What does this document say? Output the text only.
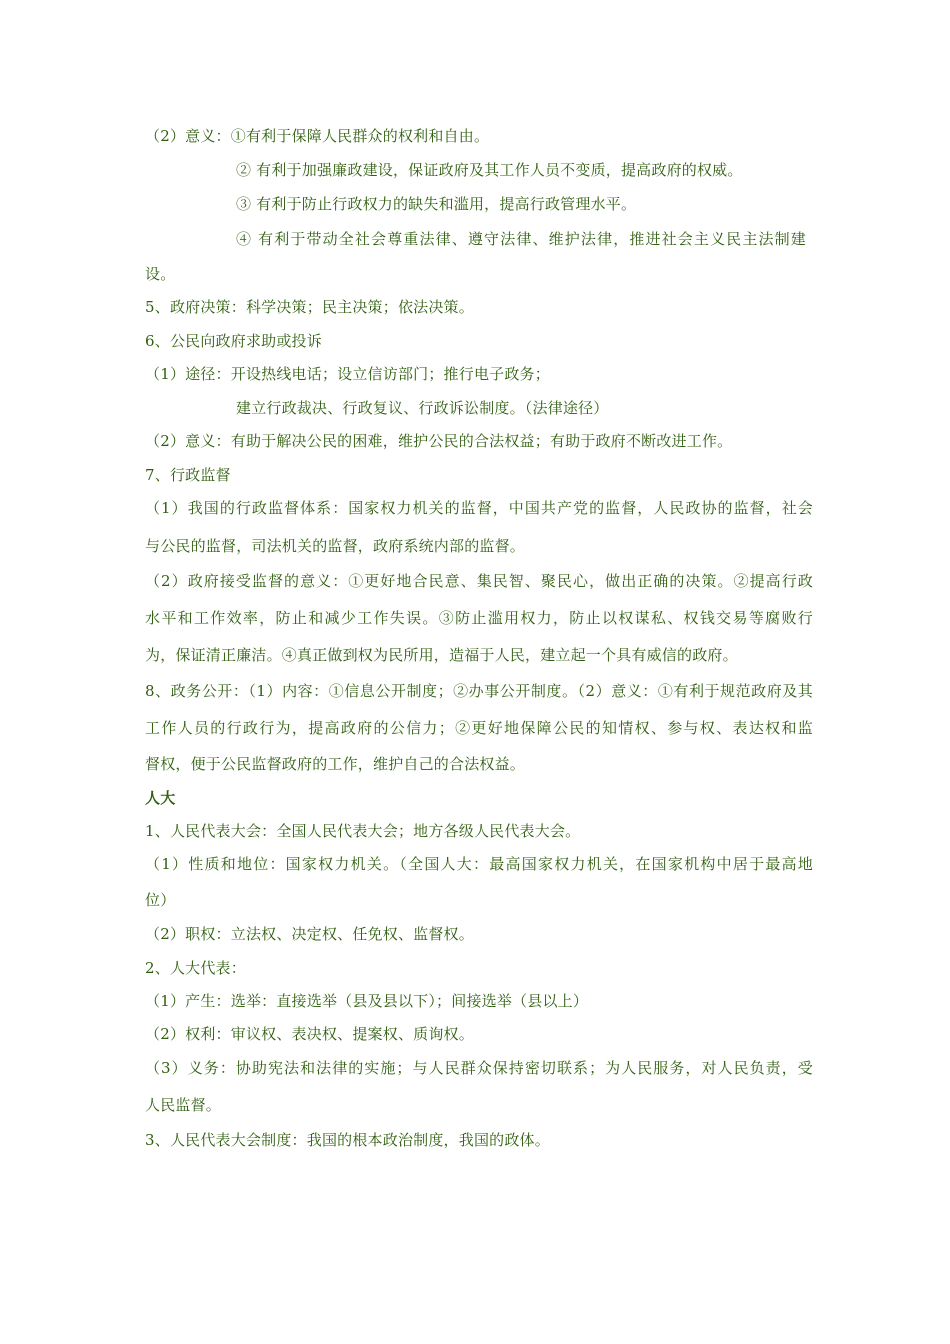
（2）意义：①有利于保障人民群众的权利和自由。
② 有利于加强廉政建设，保证政府及其工作人员不变质，提高政府的权威。
③ 有利于防止行政权力的缺失和滥用，提高行政管理水平。
④ 有利于带动全社会尊重法律、遵守法律、维护法律，推进社会主义民主法制建
设。
5、政府决策：科学决策；民主决策；依法决策。
6、公民向政府求助或投诉
（1）途径：开设热线电话；设立信访部门；推行电子政务；
建立行政裁决、行政复议、行政诉讼制度。（法律途径）
（2）意义：有助于解决公民的困难，维护公民的合法权益；有助于政府不断改进工作。
7、行政监督
（1）我国的行政监督体系：国家权力机关的监督，中国共产党的监督，人民政协的监督，社会
与公民的监督，司法机关的监督，政府系统内部的监督。
（2）政府接受监督的意义：①更好地合民意、集民智、聚民心，做出正确的决策。②提高行政
水平和工作效率，防止和减少工作失误。③防止滥用权力，防止以权谋私、权钱交易等腐败行
为，保证清正廉洁。④真正做到权为民所用，造福于人民，建立起一个具有威信的政府。
8、政务公开：（1）内容：①信息公开制度；②办事公开制度。（2）意义：①有利于规范政府及其
工作人员的行政行为，提高政府的公信力；②更好地保障公民的知情权、参与权、表达权和监
督权，便于公民监督政府的工作，维护自己的合法权益。
人大
1、人民代表大会：全国人民代表大会；地方各级人民代表大会。
（1）性质和地位：国家权力机关。（全国人大：最高国家权力机关，在国家机构中居于最高地
位）
（2）职权：立法权、决定权、任免权、监督权。
2、人大代表：
（1）产生：选举：直接选举（县及县以下）；间接选举（县以上）
（2）权利：审议权、表决权、提案权、质询权。
（3）义务：协助宪法和法律的实施；与人民群众保持密切联系；为人民服务，对人民负责，受
人民监督。
3、人民代表大会制度：我国的根本政治制度，我国的政体。
